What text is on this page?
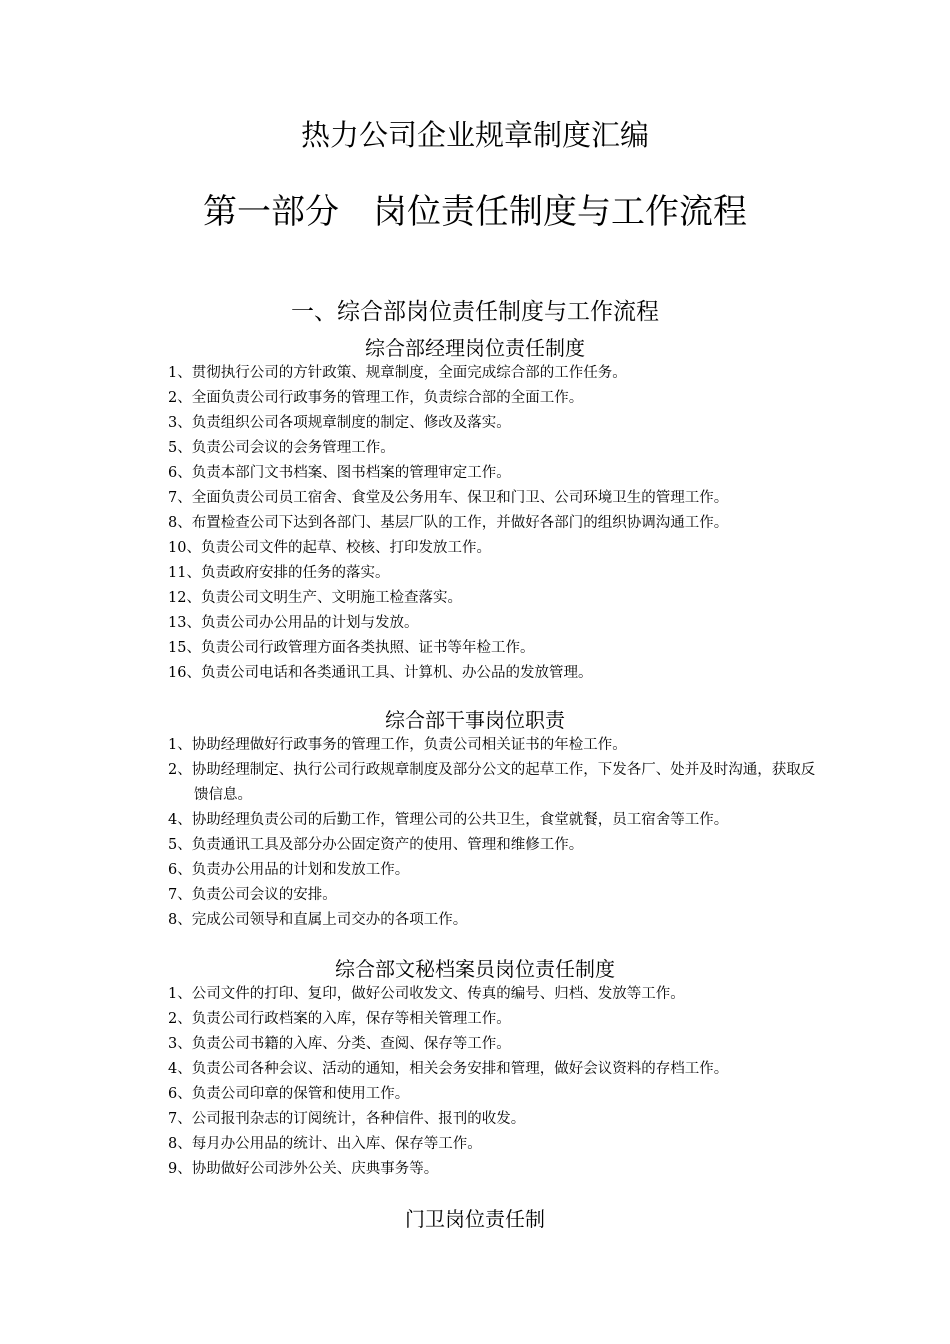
热力公司企业规章制度汇编
第一部分　岗位责任制度与工作流程
一、综合部岗位责任制度与工作流程
综合部经理岗位责任制度
1、贯彻执行公司的方针政策、规章制度，全面完成综合部的工作任务。
2、全面负责公司行政事务的管理工作，负责综合部的全面工作。
3、负责组织公司各项规章制度的制定、修改及落实。
5、负责公司会议的会务管理工作。
6、负责本部门文书档案、图书档案的管理审定工作。
7、全面负责公司员工宿舍、食堂及公务用车、保卫和门卫、公司环境卫生的管理工作。
8、布置检查公司下达到各部门、基层厂队的工作，并做好各部门的组织协调沟通工作。
10、负责公司文件的起草、校核、打印发放工作。
11、负责政府安排的任务的落实。
12、负责公司文明生产、文明施工检查落实。
13、负责公司办公用品的计划与发放。
15、负责公司行政管理方面各类执照、证书等年检工作。
16、负责公司电话和各类通讯工具、计算机、办公品的发放管理。
综合部干事岗位职责
1、协助经理做好行政事务的管理工作，负责公司相关证书的年检工作。
2、协助经理制定、执行公司行政规章制度及部分公文的起草工作，下发各厂、处并及时沟通，获取反馈信息。
4、协助经理负责公司的后勤工作，管理公司的公共卫生，食堂就餐，员工宿舍等工作。
5、负责通讯工具及部分办公固定资产的使用、管理和维修工作。
6、负责办公用品的计划和发放工作。
7、负责公司会议的安排。
8、完成公司领导和直属上司交办的各项工作。
综合部文秘档案员岗位责任制度
1、公司文件的打印、复印，做好公司收发文、传真的编号、归档、发放等工作。
2、负责公司行政档案的入库，保存等相关管理工作。
3、负责公司书籍的入库、分类、查阅、保存等工作。
4、负责公司各种会议、活动的通知，相关会务安排和管理，做好会议资料的存档工作。
6、负责公司印章的保管和使用工作。
7、公司报刊杂志的订阅统计，各种信件、报刊的收发。
8、每月办公用品的统计、出入库、保存等工作。
9、协助做好公司涉外公关、庆典事务等。
门卫岗位责任制
